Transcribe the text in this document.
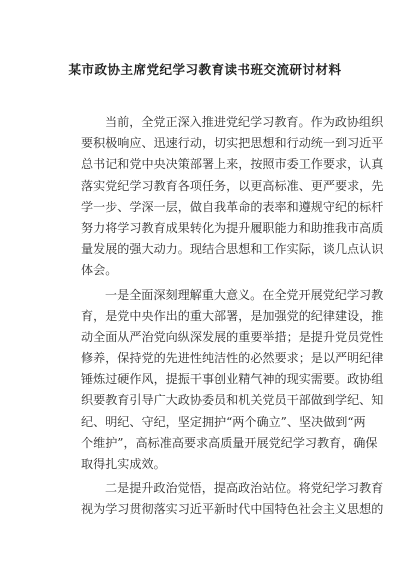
某市政协主席党纪学习教育读书班交流研讨材料
当前，全党正深入推进党纪学习教育。作为政协组织
要积极响应、迅速行动，切实把思想和行动统一到习近平
总书记和党中央决策部署上来，按照市委工作要求，认真
落实党纪学习教育各项任务，以更高标准、更严要求，先
学一步、学深一层，做自我革命的表率和遵规守纪的标杆
努力将学习教育成果转化为提升履职能力和助推我市高质
量发展的强大动力。现结合思想和工作实际，谈几点认识
体会。
一是全面深刻理解重大意义。在全党开展党纪学习教
育，是党中央作出的重大部署，是加强党的纪律建设，推
动全面从严治党向纵深发展的重要举措；是提升党员党性
修养，保持党的先进性纯洁性的必然要求；是以严明纪律
锤炼过硬作风，提振干事创业精气神的现实需要。政协组
织要教育引导广大政协委员和机关党员干部做到学纪、知
纪、明纪、守纪，坚定拥护“两个确立”、坚决做到“两
个维护”，高标准高要求高质量开展党纪学习教育，确保
取得扎实成效。
二是提升政治觉悟，提高政治站位。将党纪学习教育
视为学习贯彻落实习近平新时代中国特色社会主义思想的
